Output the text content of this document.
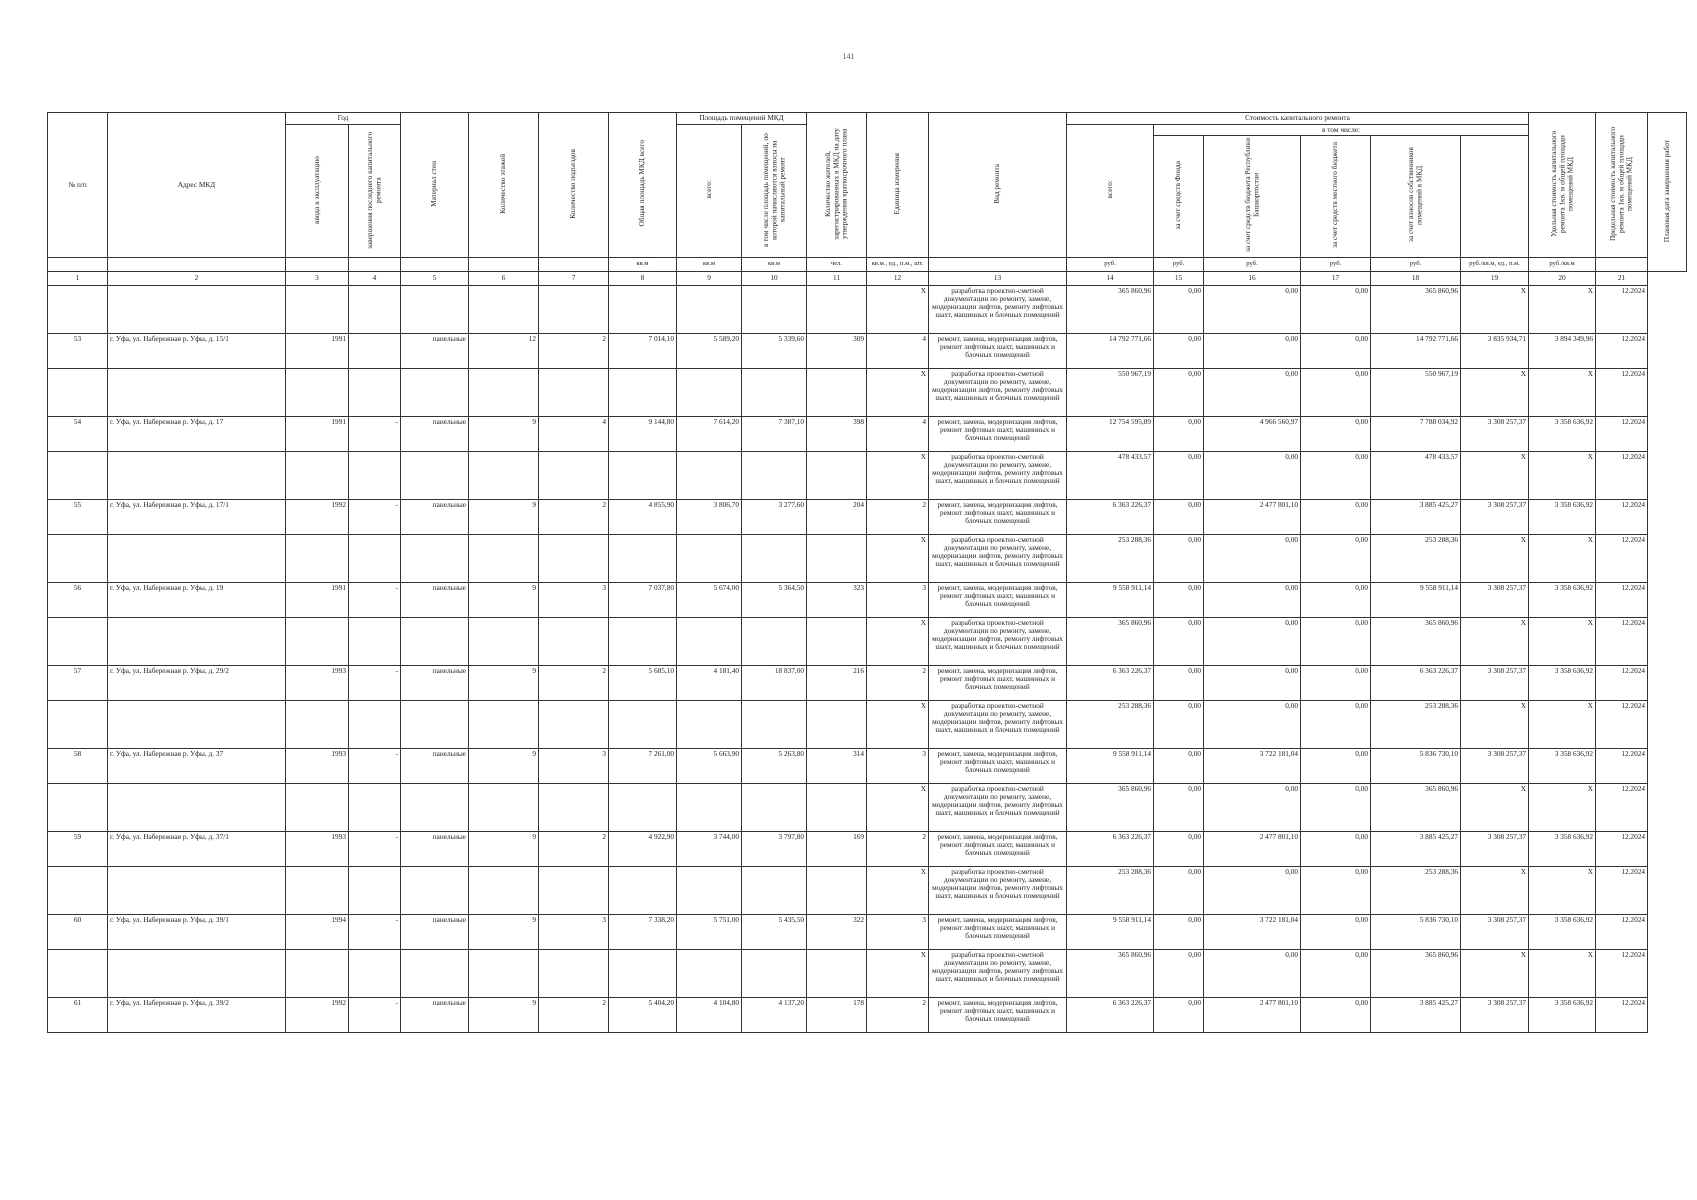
141
№ п/п	Адрес МКД	Год		Материал стен	Количество этажей	Количество подъездов	Общая площадь МКД всего	Площадь помещений МКД		Количество жителей, зарегистрированных в МКД на дату утверждения краткосрочного плана	Единица измерения	Вид ремонта	Стоимость капитального ремонта						Удельная стоимость капитального ремонта 1кв. м общей площади помещений МКД	Предельная стоимость капитального ремонта 1кв. м общей площади помещений МКД	Плановая дата завершения работ
		ввода в эксплуатацию	завершения последнего капитального ремонта					всего:	в том числе площадь помещений, по которой начисляются взносы на капитальный ремонт				всего:	в том числе:							
														за счет средств Фонда	за счет средств бюджета Республики Башкортостан	за счет средств местного бюджета	за счет взносов собственников помещений в МКД				
							кв.м	кв.м	кв.м	чел.	кв.м., ед., п.м., шт.		руб.	руб.	руб.	руб.	руб.	руб./кв.м, ед., п.м.	руб./кв.м		
1	2	3	4	5	6	7	8	9	10	11	12	13	14	15	16	17	18	19	20	21	
											X	разработка проектно-сметной документации по ремонту, замене, модернизации лифтов, ремонту лифтовых шахт, машинных и блочных помещений	365 860,96	0,00	0,00	0,00	365 860,96	X	X	12.2024	
53	г. Уфа, ул. Набережная р. Уфы, д. 15/1	1991		панельные	12	2	7 014,10	5 589,20	5 339,60	309	4	ремонт, замена, модернизация лифтов, ремонт лифтовых шахт, машинных и блочных помещений	14 792 771,66	0,00	0,00	0,00	14 792 771,66	3 835 934,71	3 894 349,96	12.2024	
											X	разработка проектно-сметной документации по ремонту, замене, модернизации лифтов, ремонту лифтовых шахт, машинных и блочных помещений	550 967,19	0,00	0,00	0,00	550 967,19	X	X	12.2024	
54	г. Уфа, ул. Набережная р. Уфы, д. 17	1991	-	панельные	9	4	9 144,80	7 614,20	7 387,10	398	4	ремонт, замена, модернизация лифтов, ремонт лифтовых шахт, машинных и блочных помещений	12 754 595,89	0,00	4 966 560,97	0,00	7 788 034,92	3 308 257,37	3 358 636,92	12.2024	
											X	разработка проектно-сметной документации по ремонту, замене, модернизации лифтов, ремонту лифтовых шахт, машинных и блочных помещений	478 433,57	0,00	0,00	0,00	478 433,57	X	X	12.2024	
55	г. Уфа, ул. Набережная р. Уфы, д. 17/1	1992	-	панельные	9	2	4 855,90	3 806,70	3 277,60	204	2	ремонт, замена, модернизация лифтов, ремонт лифтовых шахт, машинных и блочных помещений	6 363 226,37	0,00	2 477 801,10	0,00	3 885 425,27	3 308 257,37	3 358 636,92	12.2024	
											X	разработка проектно-сметной документации по ремонту, замене, модернизации лифтов, ремонту лифтовых шахт, машинных и блочных помещений	253 288,36	0,00	0,00	0,00	253 288,36	X	X	12.2024	
56	г. Уфа, ул. Набережная р. Уфы, д. 19	1991	-	панельные	9	3	7 037,80	5 674,00	5 364,50	323	3	ремонт, замена, модернизация лифтов, ремонт лифтовых шахт, машинных и блочных помещений	9 558 911,14	0,00	0,00	0,00	9 558 911,14	3 308 257,37	3 358 636,92	12.2024	
											X	разработка проектно-сметной документации по ремонту, замене, модернизации лифтов, ремонту лифтовых шахт, машинных и блочных помещений	365 860,96	0,00	0,00	0,00	365 860,96	X	X	12.2024	
57	г. Уфа, ул. Набережная р. Уфы, д. 29/2	1993	-	панельные	9	2	5 685,10	4 181,40	18 837,00	216	2	ремонт, замена, модернизация лифтов, ремонт лифтовых шахт, машинных и блочных помещений	6 363 226,37	0,00	0,00	0,00	6 363 226,37	3 308 257,37	3 358 636,92	12.2024	
											X	разработка проектно-сметной документации по ремонту, замене, модернизации лифтов, ремонту лифтовых шахт, машинных и блочных помещений	253 288,36	0,00	0,00	0,00	253 288,36	X	X	12.2024	
58	г. Уфа, ул. Набережная р. Уфы, д. 37	1993	-	панельные	9	3	7 261,00	5 663,90	5 263,80	314	3	ремонт, замена, модернизация лифтов, ремонт лифтовых шахт, машинных и блочных помещений	9 558 911,14	0,00	3 722 181,04	0,00	5 836 730,10	3 308 257,37	3 358 636,92	12.2024	
											X	разработка проектно-сметной документации по ремонту, замене, модернизации лифтов, ремонту лифтовых шахт, машинных и блочных помещений	365 860,96	0,00	0,00	0,00	365 860,96	X	X	12.2024	
59	г. Уфа, ул. Набережная р. Уфы, д. 37/1	1993	-	панельные	9	2	4 922,90	3 744,00	3 797,80	169	2	ремонт, замена, модернизация лифтов, ремонт лифтовых шахт, машинных и блочных помещений	6 363 226,37	0,00	2 477 801,10	0,00	3 885 425,27	3 308 257,37	3 358 636,92	12.2024	
											X	разработка проектно-сметной документации по ремонту, замене, модернизации лифтов, ремонту лифтовых шахт, машинных и блочных помещений	253 288,36	0,00	0,00	0,00	253 288,36	X	X	12.2024	
60	г. Уфа, ул. Набережная р. Уфы, д. 39/1	1994	-	панельные	9	3	7 338,20	5 751,00	5 435,50	322	3	ремонт, замена, модернизация лифтов, ремонт лифтовых шахт, машинных и блочных помещений	9 558 911,14	0,00	3 722 181,04	0,00	5 836 730,10	3 308 257,37	3 358 636,92	12.2024	
											X	разработка проектно-сметной документации по ремонту, замене, модернизации лифтов, ремонту лифтовых шахт, машинных и блочных помещений	365 860,96	0,00	0,00	0,00	365 860,96	X	X	12.2024	
61	г. Уфа, ул. Набережная р. Уфы, д. 39/2	1992	-	панельные	9	2	5 404,20	4 104,80	4 137,20	178	2	ремонт, замена, модернизация лифтов, ремонт лифтовых шахт, машинных и блочных помещений	6 363 226,37	0,00	2 477 801,10	0,00	3 885 425,27	3 308 257,37	3 358 636,92	12.2024	
